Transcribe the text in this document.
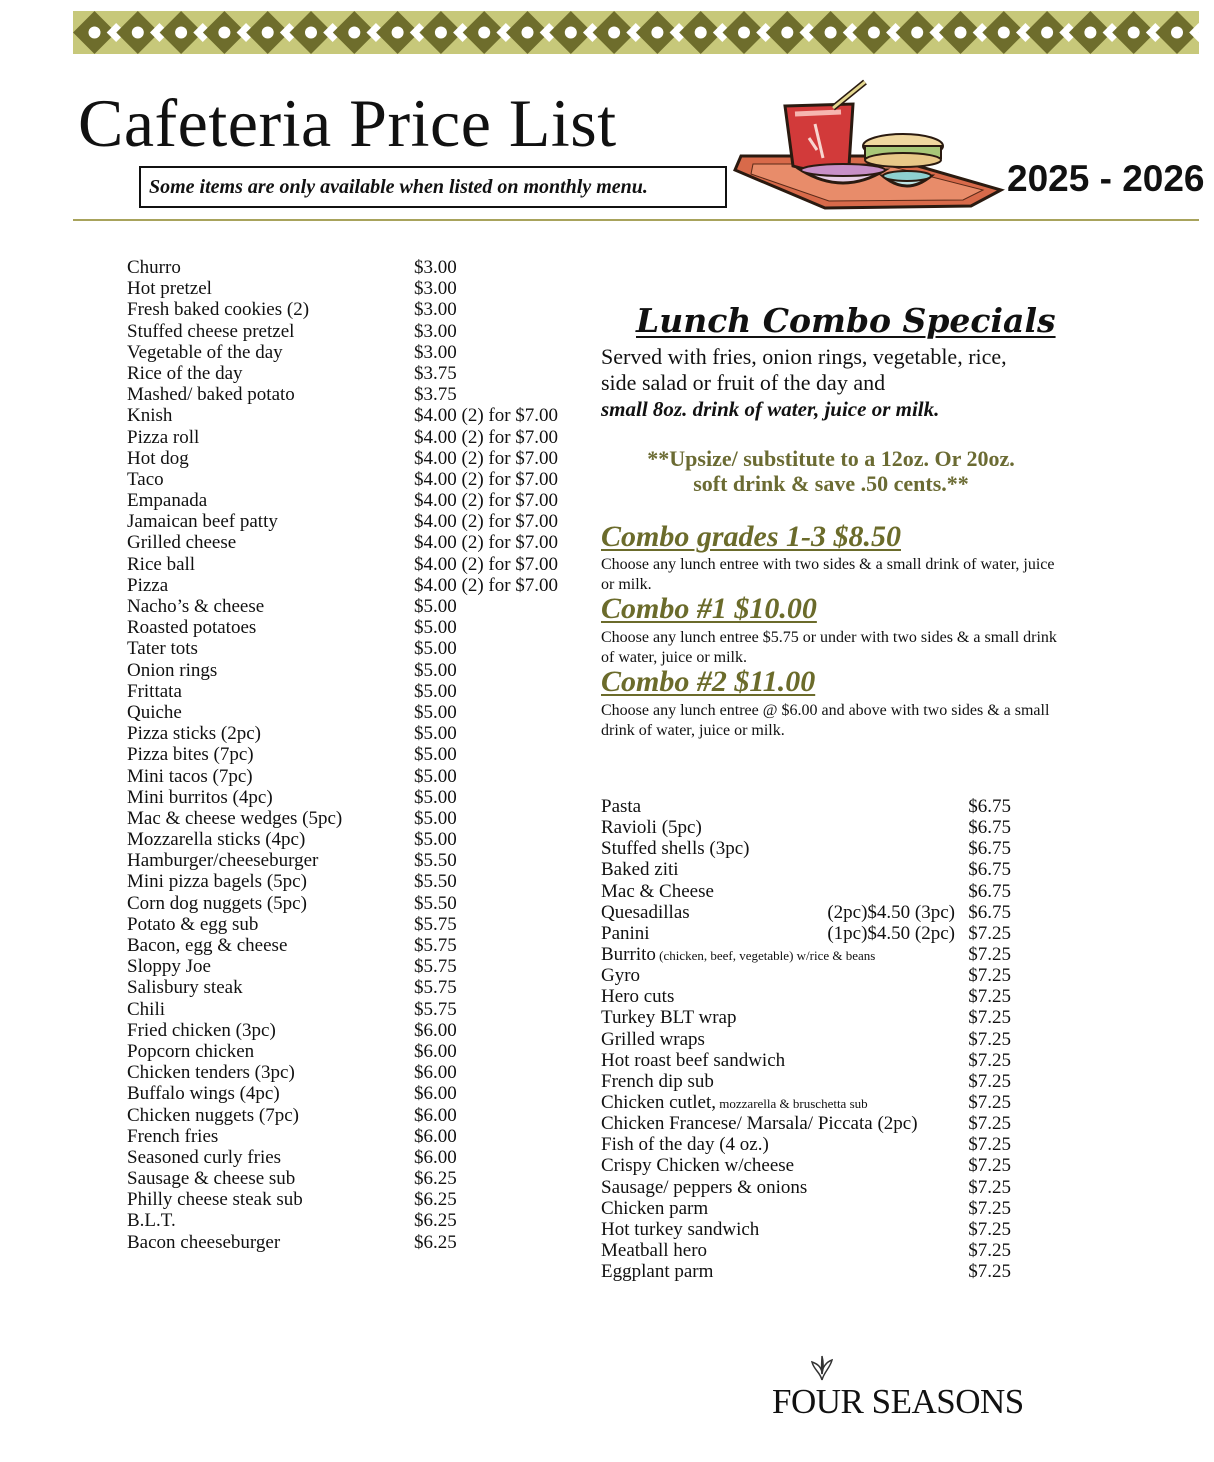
Cafeteria Price List
Some items are only available when listed on monthly menu.	2025 - 2026
Churro	$3.00
Hot pretzel	$3.00
Fresh baked cookies (2)	$3.00
Stuffed cheese pretzel	$3.00
Vegetable of the day	$3.00
Rice of the day	$3.75
Mashed/ baked potato	$3.75
Knish	$4.00 (2) for $7.00
Pizza roll	$4.00 (2) for $7.00
Hot dog	$4.00 (2) for $7.00
Taco	$4.00 (2) for $7.00
Empanada	$4.00 (2) for $7.00
Jamaican beef patty	$4.00 (2) for $7.00
Grilled cheese	$4.00 (2) for $7.00
Rice ball	$4.00 (2) for $7.00
Pizza	$4.00 (2) for $7.00
Nacho’s & cheese	$5.00
Roasted potatoes	$5.00
Tater tots	$5.00
Onion rings	$5.00
Frittata	$5.00
Quiche	$5.00
Pizza sticks (2pc)	$5.00
Pizza bites (7pc)	$5.00
Mini tacos (7pc)	$5.00
Mini burritos (4pc)	$5.00
Mac & cheese wedges (5pc)	$5.00
Mozzarella sticks (4pc)	$5.00
Hamburger/cheeseburger	$5.50
Mini pizza bagels (5pc)	$5.50
Corn dog nuggets (5pc)	$5.50
Potato & egg sub	$5.75
Bacon, egg & cheese	$5.75
Sloppy Joe	$5.75
Salisbury steak	$5.75
Chili	$5.75
Fried chicken (3pc)	$6.00
Popcorn chicken	$6.00
Chicken tenders (3pc)	$6.00
Buffalo wings (4pc)	$6.00
Chicken nuggets (7pc)	$6.00
French fries	$6.00
Seasoned curly fries	$6.00
Sausage & cheese sub	$6.25
Philly cheese steak sub	$6.25
B.L.T.	$6.25
Bacon cheeseburger	$6.25
Lunch Combo Specials
Served with fries, onion rings, vegetable, rice,
side salad or fruit of the day and
small 8oz. drink of water, juice or milk.
**Upsize/ substitute to a 12oz. Or 20oz.
soft drink & save .50 cents.**
Combo grades 1-3 $8.50
Choose any lunch entree with two sides & a small drink of water, juice or milk.
Combo #1 $10.00
Choose any lunch entree $5.75 or under with two sides & a small drink of water, juice or milk.
Combo #2 $11.00
Choose any lunch entree @ $6.00 and above with two sides & a small drink of water, juice or milk.
Pasta	$6.75
Ravioli (5pc)	$6.75
Stuffed shells (3pc)	$6.75
Baked ziti	$6.75
Mac & Cheese	$6.75
Quesadillas	(2pc)$4.50 (3pc) $6.75
Panini	(1pc)$4.50 (2pc) $7.25
Burrito (chicken, beef, vegetable) w/rice & beans	$7.25
Gyro	$7.25
Hero cuts	$7.25
Turkey BLT wrap	$7.25
Grilled wraps	$7.25
Hot roast beef sandwich	$7.25
French dip sub	$7.25
Chicken cutlet, mozzarella & bruschetta sub	$7.25
Chicken Francese/ Marsala/ Piccata (2pc)	$7.25
Fish of the day (4 oz.)	$7.25
Crispy Chicken w/cheese	$7.25
Sausage/ peppers & onions	$7.25
Chicken parm	$7.25
Hot turkey sandwich	$7.25
Meatball hero	$7.25
Eggplant parm	$7.25
FOUR SEASONS
